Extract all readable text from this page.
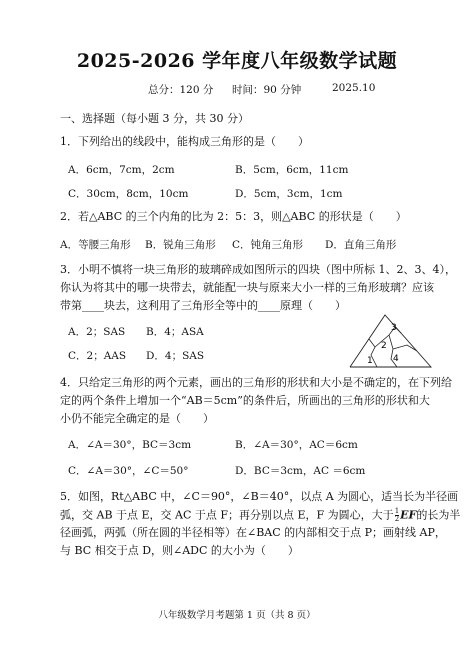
2025-2026 学年度八年级数学试题
总分：120 分 时间：90 分钟	2025.10
一、选择题（每小题 3 分，共 30 分）
1．下列给出的线段中，能构成三角形的是（　　）
A．6cm，7cm，2cm	B．5cm，6cm，11cm
C．30cm，8cm，10cm	D．5cm，3cm，1cm
2．若△ABC 的三个内角的比为 2：5：3，则△ABC 的形状是（　　）
A．等腰三角形 B．锐角三角形 C．钝角三角形 D．直角三角形
3．小明不慎将一块三角形的玻璃碎成如图所示的四块（图中所标 1、2、3、4），
你认为将其中的哪一块带去，就能配一块与原来大小一样的三角形玻璃？应该
带第____块去，这利用了三角形全等中的____原理（　　）
A．2；SAS B．4；ASA
C．2；AAS D．4；SAS	1
2
3
4
4．只给定三角形的两个元素，画出的三角形的形状和大小是不确定的，在下列给
定的两个条件上增加一个“AB＝5cm”的条件后，所画出的三角形的形状和大
小仍不能完全确定的是（　　）
A．∠A＝30°，BC＝3cm	B．∠A＝30°，AC＝6cm
C．∠A＝30°，∠C＝50°	D．BC＝3cm，AC ＝6cm
5．如图，Rt△ABC 中，∠C＝90°，∠B＝40°，以点 A 为圆心，适当长为半径画
弧，交 AB 于点 E，交 AC 于点 F；再分别以点 E，F 为圆心，大于 $\frac{1}{2}$ EF的长为半
径画弧，两弧（所在圆的半径相等）在∠BAC 的内部相交于点 P；画射线 AP，
与 BC 相交于点 D，则∠ADC 的大小为（　　）
八年级数学月考题第 1 页（共 8 页）
